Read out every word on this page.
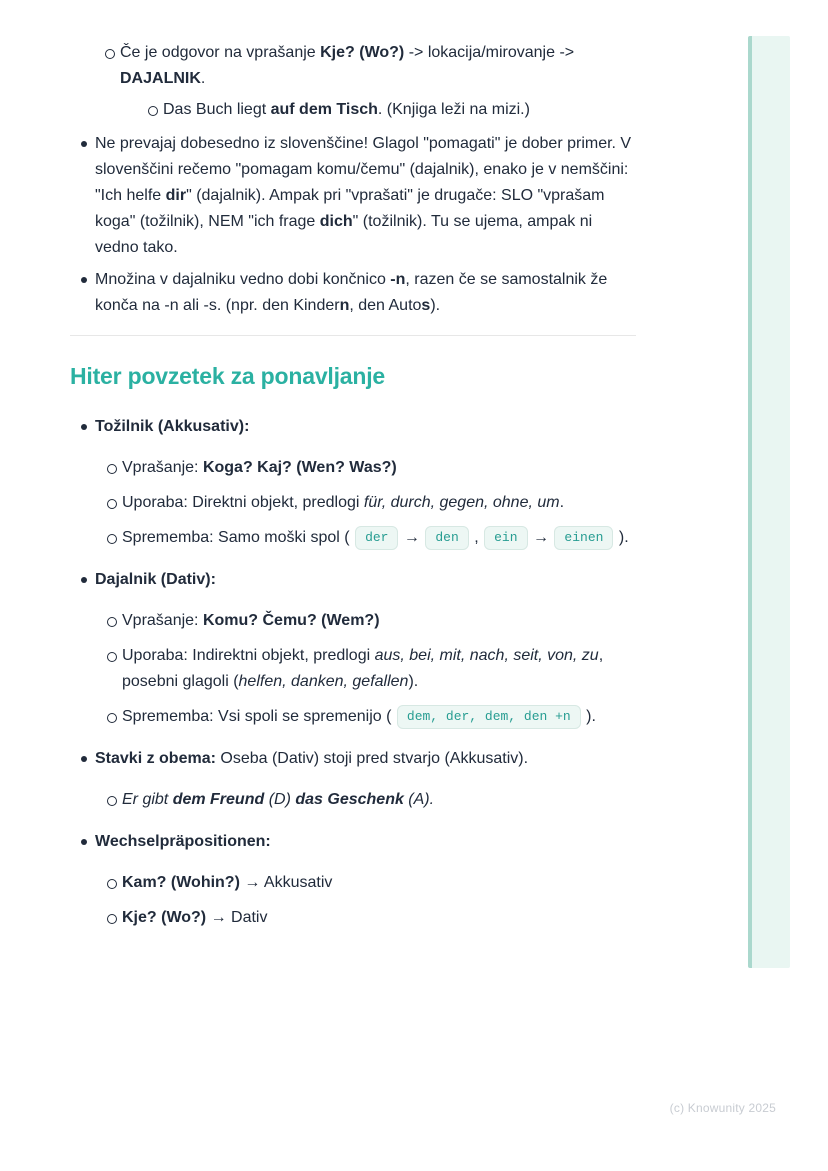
Če je odgovor na vprašanje Kje? (Wo?) -> lokacija/mirovanje -> DAJALNIK.
Das Buch liegt auf dem Tisch. (Knjiga leži na mizi.)
Ne prevajaj dobesedno iz slovenščine! Glagol "pomagati" je dober primer. V slovenščini rečemo "pomagam komu/čemu" (dajalnik), enako je v nemščini: "Ich helfe dir" (dajalnik). Ampak pri "vprašati" je drugače: SLO "vprašam koga" (tožilnik), NEM "ich frage dich" (tožilnik). Tu se ujema, ampak ni vedno tako.
Množina v dajalniku vedno dobi končnico -n, razen če se samostalnik že konča na -n ali -s. (npr. den Kindern, den Autos).
Hiter povzetek za ponavljanje
Tožilnik (Akkusativ):
Vprašanje: Koga? Kaj? (Wen? Was?)
Uporaba: Direktni objekt, predlogi für, durch, gegen, ohne, um.
Sprememba: Samo moški spol ( der → den , ein → einen ).
Dajalnik (Dativ):
Vprašanje: Komu? Čemu? (Wem?)
Uporaba: Indirektni objekt, predlogi aus, bei, mit, nach, seit, von, zu, posebni glagoli (helfen, danken, gefallen).
Sprememba: Vsi spoli se spremenijo ( dem, der, dem, den +n ).
Stavki z obema: Oseba (Dativ) stoji pred stvarjo (Akkusativ).
Er gibt dem Freund (D) das Geschenk (A).
Wechselpräpositionen:
Kam? (Wohin?) → Akkusativ
Kje? (Wo?) → Dativ
(c) Knowunity 2025
